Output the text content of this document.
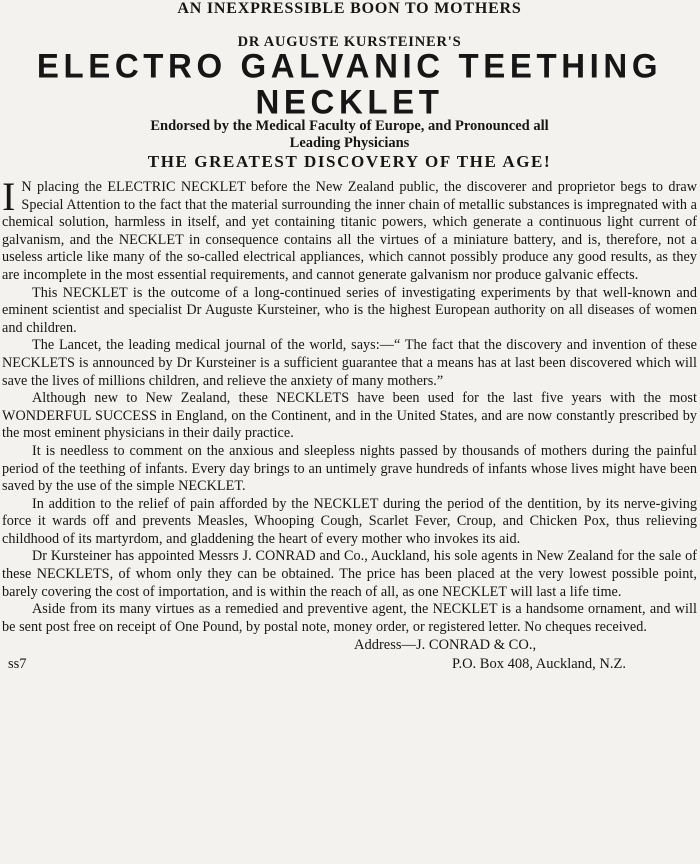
AN INEXPRESSIBLE BOON TO MOTHERS
DR AUGUSTE KURSTEINER'S
ELECTRO GALVANIC TEETHING NECKLET
Endorsed by the Medical Faculty of Europe, and Pronounced all
Leading Physicians
THE GREATEST DISCOVERY OF THE AGE!

I N placing the ELECTRIC NECKLET before the New Zealand public, the discoverer and proprietor begs to draw Special Attention to the fact that the material surrounding the inner chain of metallic substances is impregnated with a chemical solution, harmless in itself, and yet containing titanic powers, which generate a continuous light current of galvanism, and the NECKLET in consequence contains all the virtues of a miniature battery, and is, therefore, not a useless article like many of the so-called electrical appliances, which cannot possibly produce any good results, as they are incomplete in the most essential requirements, and cannot generate galvanism nor produce galvanic effects.

This NECKLET is the outcome of a long-continued series of investigating experiments by that well-known and eminent scientist and specialist Dr Auguste Kursteiner, who is the highest European authority on all diseases of women and children.

The Lancet, the leading medical journal of the world, says:—“ The fact that the discovery and invention of these NECKLETS is announced by Dr Kursteiner is a sufficient guarantee that a means has at last been discovered which will save the lives of millions children, and relieve the anxiety of many mothers.”

Although new to New Zealand, these NECKLETS have been used for the last five years with the most WONDERFUL SUCCESS in England, on the Continent, and in the United States, and are now constantly prescribed by the most eminent physicians in their daily practice.

It is needless to comment on the anxious and sleepless nights passed by thousands of mothers during the painful period of the teething of infants. Every day brings to an untimely grave hundreds of infants whose lives might have been saved by the use of the simple NECKLET.

In addition to the relief of pain afforded by the NECKLET during the period of the dentition, by its nerve-giving force it wards off and prevents Measles, Whooping Cough, Scarlet Fever, Croup, and Chicken Pox, thus relieving childhood of its martyrdom, and gladdening the heart of every mother who invokes its aid.

Dr Kursteiner has appointed Messrs J. CONRAD and Co., Auckland, his sole agents in New Zealand for the sale of these NECKLETS, of whom only they can be obtained. The price has been placed at the very lowest possible point, barely covering the cost of importation, and is within the reach of all, as one NECKLET will last a life time.

Aside from its many virtues as a remedied and preventive agent, the NECKLET is a handsome ornament, and will be sent post free on receipt of One Pound, by postal note, money order, or registered letter. No cheques received.

Address—J. CONRAD & CO.,
ss7	P.O. Box 408, Auckland, N.Z.
